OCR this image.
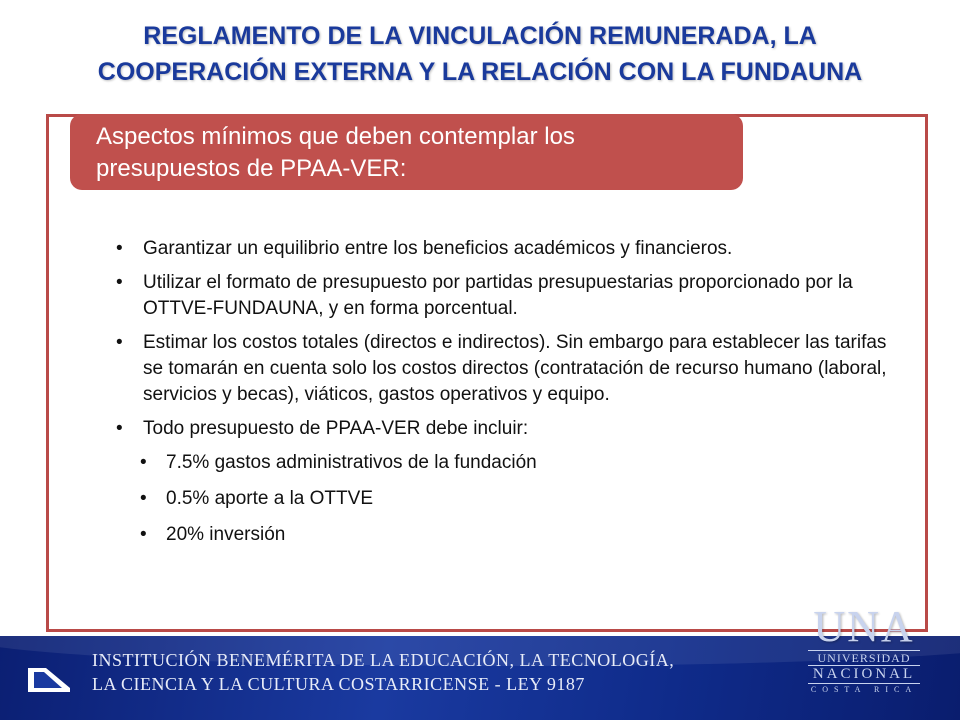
REGLAMENTO DE LA VINCULACIÓN REMUNERADA, LA
COOPERACIÓN EXTERNA Y LA RELACIÓN CON LA FUNDAUNA
Aspectos mínimos que deben contemplar los
presupuestos de PPAA-VER:
• Garantizar un equilibrio entre los beneficios académicos y financieros.
• Utilizar el formato de presupuesto por partidas presupuestarias proporcionado por la OTTVE-FUNDAUNA, y en forma porcentual.
• Estimar los costos totales (directos e indirectos). Sin embargo para establecer las tarifas se tomarán en cuenta solo los costos directos (contratación de recurso humano (laboral, servicios y becas), viáticos, gastos operativos y equipo.
• Todo presupuesto de PPAA-VER debe incluir:
• 7.5% gastos administrativos de la fundación
• 0.5% aporte a la OTTVE
• 20% inversión
INSTITUCIÓN BENEMÉRITA DE LA EDUCACIÓN, LA TECNOLOGÍA,
LA CIENCIA Y LA CULTURA COSTARRICENSE - LEY 9187
UNA
UNIVERSIDAD
NACIONAL
COSTA RICA
